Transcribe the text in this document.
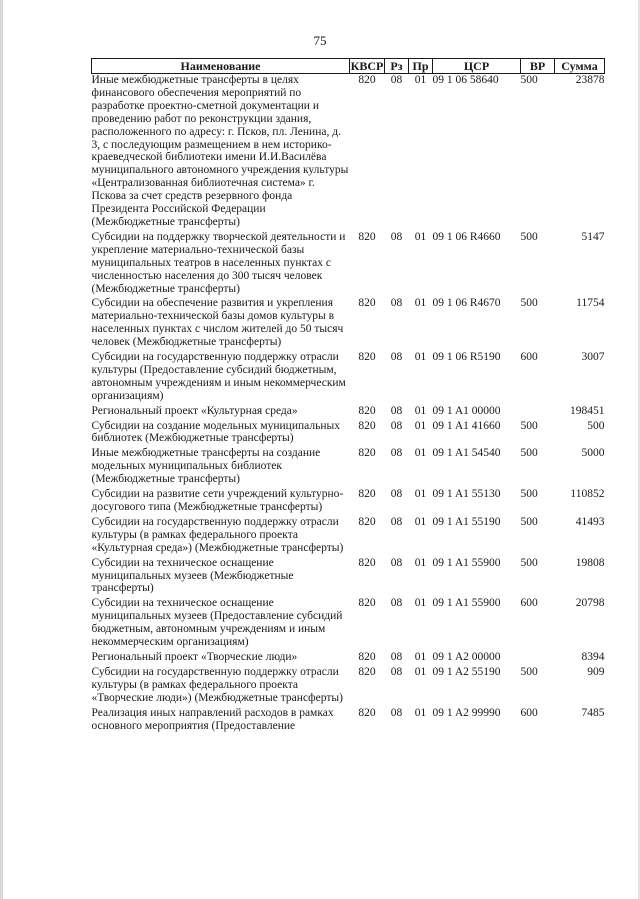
75
Наименование	КВСР	Рз	Пр	ЦСР	ВР	Сумма
Иные межбюджетные трансферты в целях финансового обеспечения мероприятий по разработке проектно-сметной документации и проведению работ по реконструкции здания, расположенного по адресу: г. Псков, пл. Ленина, д. 3, с последующим размещением в нем историко-краеведческой библиотеки имени И.И.Василёва муниципального автономного учреждения культуры «Централизованная библиотечная система» г. Пскова за счет средств резервного фонда Президента Российской Федерации (Межбюджетные трансферты)	820	08	01	09 1 06 58640	500	23878
Субсидии на поддержку творческой деятельности и укрепление материально-технической базы муниципальных театров в населенных пунктах с численностью населения до 300 тысяч человек (Межбюджетные трансферты)	820	08	01	09 1 06 R4660	500	5147
Субсидии на обеспечение развития и укрепления материально-технической базы домов культуры в населенных пунктах с числом жителей до 50 тысяч человек (Межбюджетные трансферты)	820	08	01	09 1 06 R4670	500	11754
Субсидии на государственную поддержку отрасли культуры (Предоставление субсидий бюджетным, автономным учреждениям и иным некоммерческим организациям)	820	08	01	09 1 06 R5190	600	3007
Региональный проект «Культурная среда»	820	08	01	09 1 A1 00000		198451
Субсидии на создание модельных муниципальных библиотек (Межбюджетные трансферты)	820	08	01	09 1 A1 41660	500	500
Иные межбюджетные трансферты на создание модельных муниципальных библиотек (Межбюджетные трансферты)	820	08	01	09 1 A1 54540	500	5000
Субсидии на развитие сети учреждений культурно-досугового типа (Межбюджетные трансферты)	820	08	01	09 1 A1 55130	500	110852
Субсидии на государственную поддержку отрасли культуры (в рамках федерального проекта «Культурная среда») (Межбюджетные трансферты)	820	08	01	09 1 A1 55190	500	41493
Субсидии на техническое оснащение муниципальных музеев (Межбюджетные трансферты)	820	08	01	09 1 A1 55900	500	19808
Субсидии на техническое оснащение муниципальных музеев (Предоставление субсидий бюджетным, автономным учреждениям и иным некоммерческим организациям)	820	08	01	09 1 A1 55900	600	20798
Региональный проект «Творческие люди»	820	08	01	09 1 A2 00000		8394
Субсидии на государственную поддержку отрасли культуры (в рамках федерального проекта «Творческие люди») (Межбюджетные трансферты)	820	08	01	09 1 A2 55190	500	909
Реализация иных направлений расходов в рамках основного мероприятия (Предоставление	820	08	01	09 1 A2 99990	600	7485
